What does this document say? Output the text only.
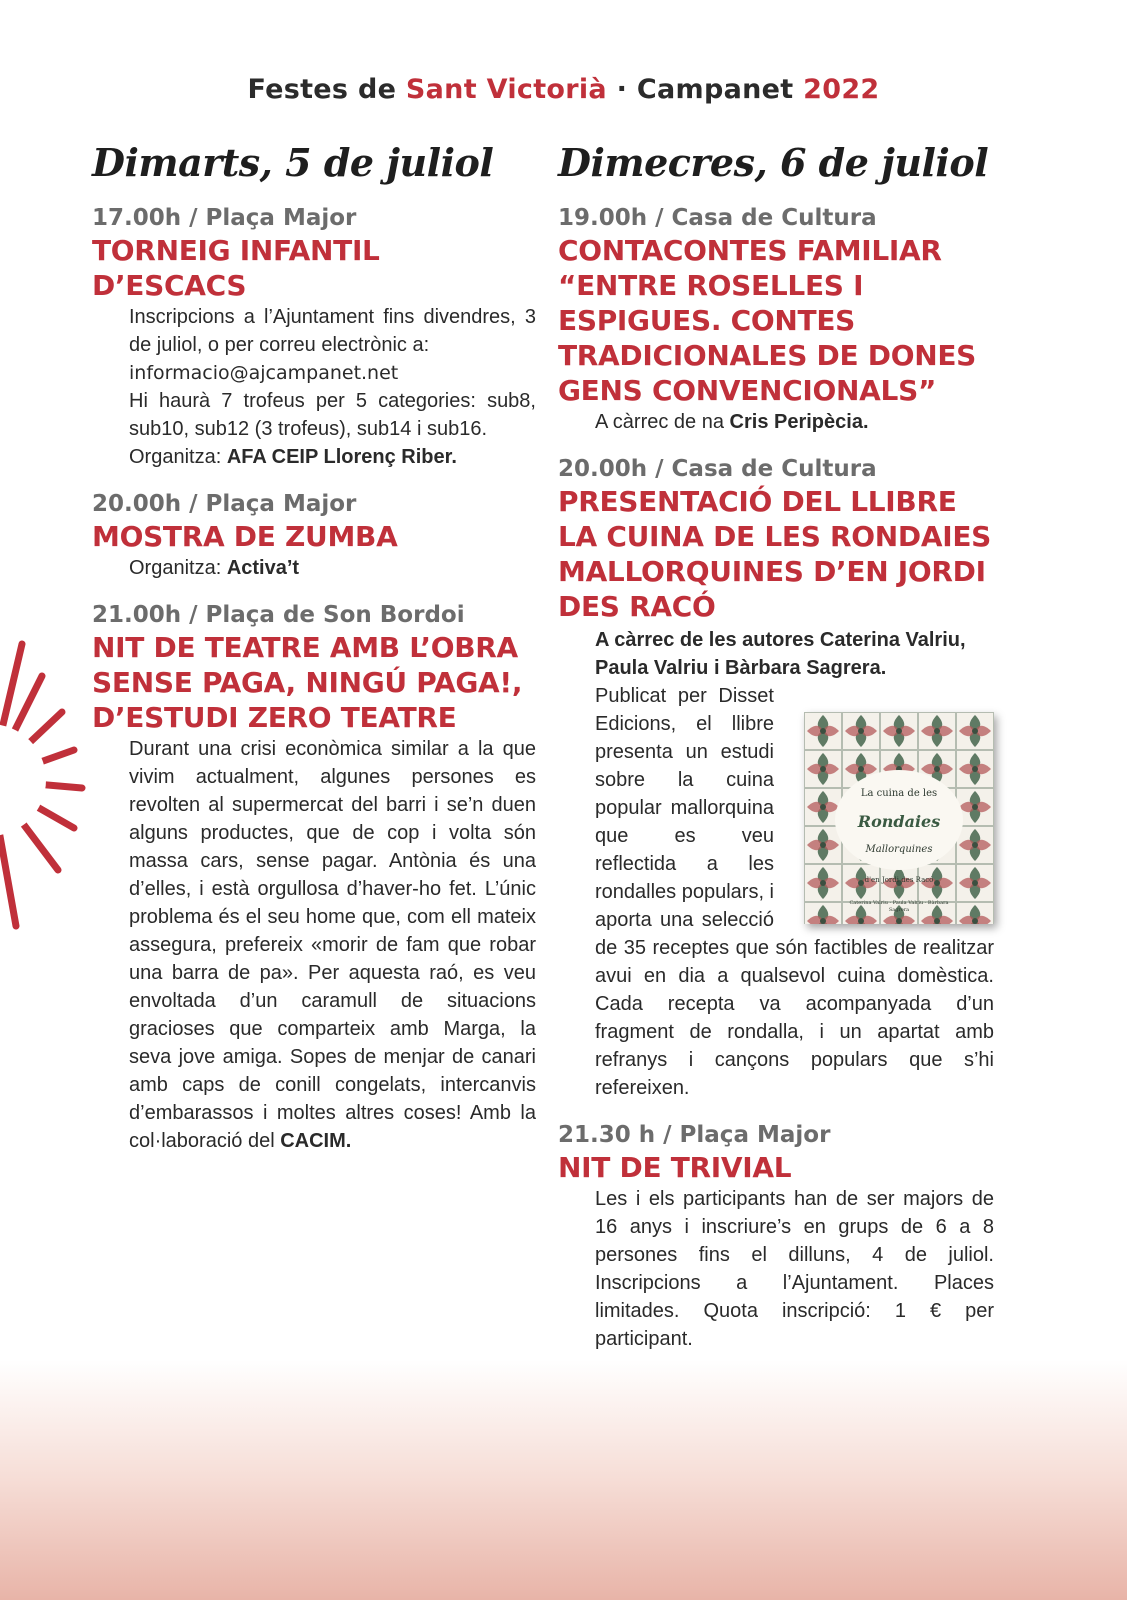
Festes de Sant Victorià · Campanet 2022
Dimarts, 5 de juliol

17.00h / Plaça Major

TORNEIG INFANTIL D’ESCACS

Inscripcions a l’Ajuntament fins divendres, 3 de juliol, o per correu electrònic a:
informacio@ajcampanet.net
Hi haurà 7 trofeus per 5 categories: sub8, sub10, sub12 (3 trofeus), sub14 i sub16.
Organitza: AFA CEIP Llorenç Riber.

20.00h / Plaça Major

MOSTRA DE ZUMBA

Organitza: Activa’t

21.00h / Plaça de Son Bordoi

NIT DE TEATRE AMB L’OBRA SENSE PAGA, NINGÚ PAGA!, D’ESTUDI ZERO TEATRE

Durant una crisi econòmica similar a la que vivim actualment, algunes persones es revolten al supermercat del barri i se’n duen alguns productes, que de cop i volta són massa cars, sense pagar. Antònia és una d’elles, i està orgullosa d’haver-ho fet. L’únic problema és el seu home que, com ell mateix assegura, prefereix «morir de fam que robar una barra de pa». Per aquesta raó, es veu envoltada d’un caramull de situacions gracioses que comparteix amb Marga, la seva jove amiga. Sopes de menjar de canari amb caps de conill congelats, intercanvis d’embarassos i moltes altres coses! Amb la col·laboració del CACIM.

Dimecres, 6 de juliol

19.00h / Casa de Cultura

CONTACONTES FAMILIAR “ENTRE ROSELLES I ESPIGUES. CONTES TRADICIONALES DE DONES GENS CONVENCIONALS”

A càrrec de na Cris Peripècia.

20.00h / Casa de Cultura

PRESENTACIÓ DEL LLIBRE LA CUINA DE LES RONDAIES MALLORQUINES D’EN JORDI DES RACÓ

A càrrec de les autores Caterina Valriu, Paula Valriu i Bàrbara Sagrera.

La cuina de les
Rondaies
Mallorquines
d'en Jordi des Racó
Caterina Valriu · Paula Valriu · Bàrbara Sagrera
Publicat per Disset Edicions, el llibre presenta un estudi sobre la cuina popular mallorquina que es veu reflectida a les rondalles populars, i aporta una selecció de 35 receptes que són factibles de realitzar avui en dia a qualsevol cuina domèstica. Cada recepta va acompanyada d’un fragment de rondalla, i un apartat amb refranys i cançons populars que s’hi refereixen.

21.30 h / Plaça Major

NIT DE TRIVIAL

Les i els participants han de ser majors de 16 anys i inscriure’s en grups de 6 a 8 persones fins el dilluns, 4 de juliol. Inscripcions a l’Ajuntament. Places limitades. Quota inscripció: 1 € per participant.
